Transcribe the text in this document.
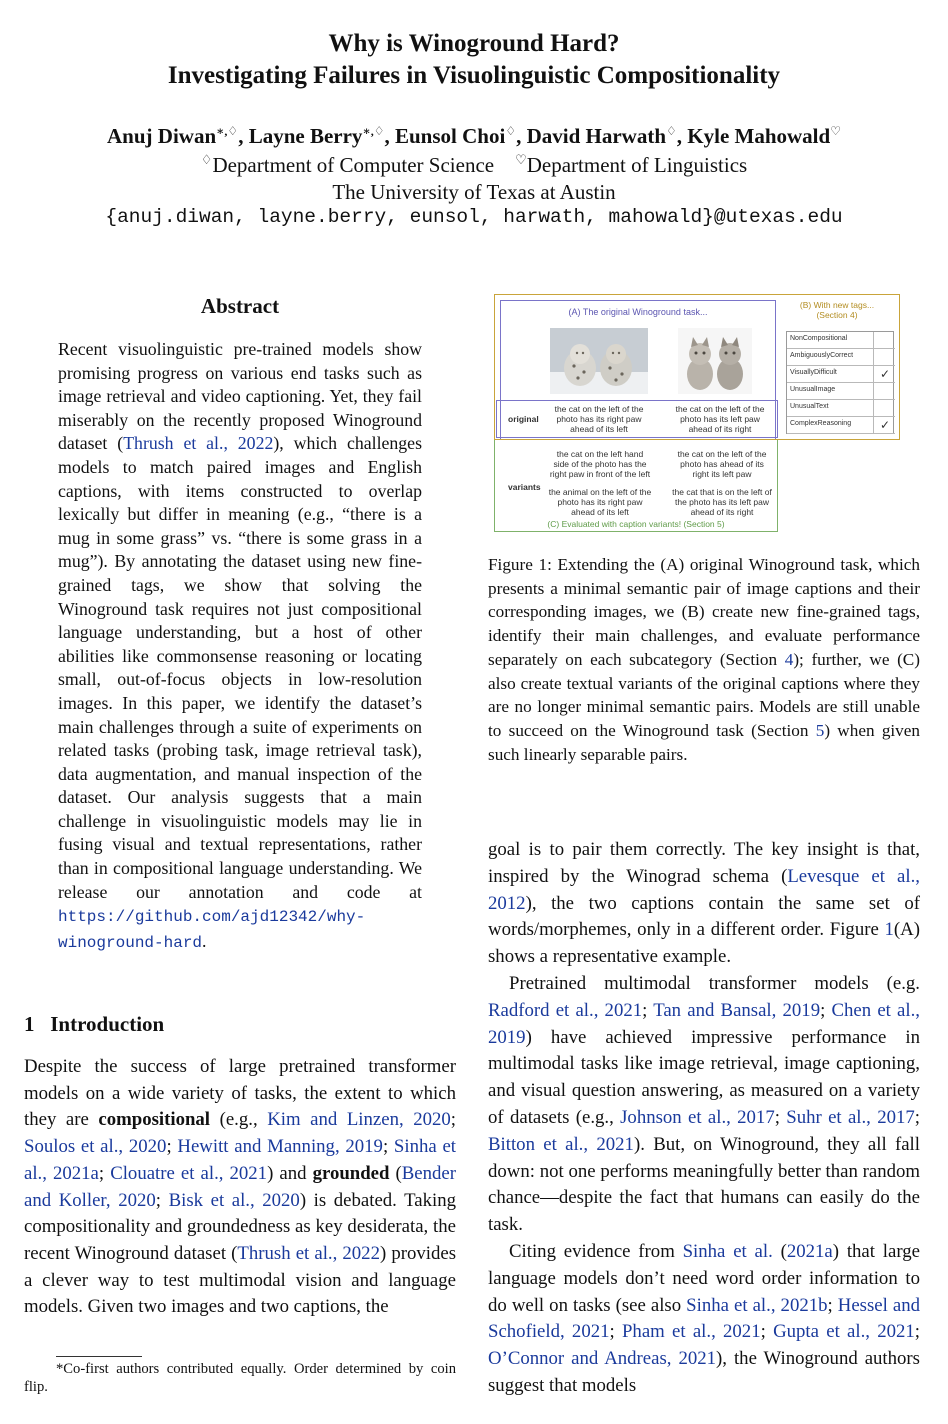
Why is Winoground Hard?
Investigating Failures in Visuolinguistic Compositionality
Anuj Diwan∗,♢, Layne Berry∗,♢, Eunsol Choi♢, David Harwath♢, Kyle Mahowald♡
♢Department of Computer Science ♡Department of Linguistics
The University of Texas at Austin
{anuj.diwan, layne.berry, eunsol, harwath, mahowald}@utexas.edu
Abstract
Recent visuolinguistic pre-trained models show promising progress on various end tasks such as image retrieval and video captioning. Yet, they fail miserably on the recently proposed Winoground dataset (Thrush et al., 2022), which challenges models to match paired images and English captions, with items constructed to overlap lexically but differ in meaning (e.g., “there is a mug in some grass” vs. “there is some grass in a mug”). By annotating the dataset using new fine-grained tags, we show that solving the Winoground task requires not just compositional language understanding, but a host of other abilities like commonsense reasoning or locating small, out-of-focus objects in low-resolution images. In this paper, we identify the dataset’s main challenges through a suite of experiments on related tasks (probing task, image retrieval task), data augmentation, and manual inspection of the dataset. Our analysis suggests that a main challenge in visuolinguistic models may lie in fusing visual and textual representations, rather than in compositional language understanding. We release our annotation and code at https://github.com/ajd12342/why-winoground-hard.
1 Introduction
Despite the success of large pretrained transformer models on a wide variety of tasks, the extent to which they are compositional (e.g., Kim and Linzen, 2020; Soulos et al., 2020; Hewitt and Manning, 2019; Sinha et al., 2021a; Clouatre et al., 2021) and grounded (Bender and Koller, 2020; Bisk et al., 2020) is debated. Taking compositionality and groundedness as key desiderata, the recent Winoground dataset (Thrush et al., 2022) provides a clever way to test multimodal vision and language models. Given two images and two captions, the
*Co-first authors contributed equally. Order determined by coin flip.
(A) The original Winoground task...
(B) With new tags... (Section 4)
original
the cat on the left of the photo has its right paw ahead of its left
the cat on the left of the photo has its left paw ahead of its right
variants
the cat on the left hand side of the photo has the right paw in front of the left
the cat on the left of the photo has ahead of its right its left paw
the animal on the left of the photo has its right paw ahead of its left
the cat that is on the left of the photo has its left paw ahead of its right
(C) Evaluated with caption variants! (Section 5)
NonCompositional
AmbiguouslyCorrect
VisuallyDifficult	✓
UnusualImage
UnusualText
ComplexReasoning	✓
Figure 1: Extending the (A) original Winoground task, which presents a minimal semantic pair of image captions and their corresponding images, we (B) create new fine-grained tags, identify their main challenges, and evaluate performance separately on each subcategory (Section 4); further, we (C) also create textual variants of the original captions where they are no longer minimal semantic pairs. Models are still unable to succeed on the Winoground task (Section 5) when given such linearly separable pairs.

goal is to pair them correctly. The key insight is that, inspired by the Winograd schema (Levesque et al., 2012), the two captions contain the same set of words/morphemes, only in a different order. Figure 1(A) shows a representative example.

Pretrained multimodal transformer models (e.g. Radford et al., 2021; Tan and Bansal, 2019; Chen et al., 2019) have achieved impressive performance in multimodal tasks like image retrieval, image captioning, and visual question answering, as measured on a variety of datasets (e.g., Johnson et al., 2017; Suhr et al., 2017; Bitton et al., 2021). But, on Winoground, they all fall down: not one performs meaningfully better than random chance—despite the fact that humans can easily do the task.

Citing evidence from Sinha et al. (2021a) that large language models don’t need word order information to do well on tasks (see also Sinha et al., 2021b; Hessel and Schofield, 2021; Pham et al., 2021; Gupta et al., 2021; O’Connor and Andreas, 2021), the Winoground authors suggest that models
